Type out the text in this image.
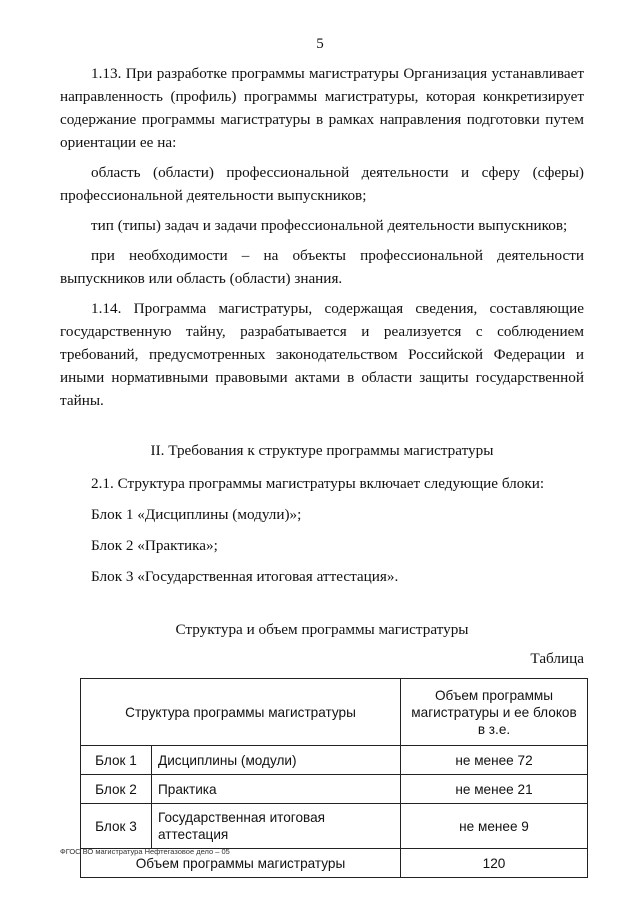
5

1.13. При разработке программы магистратуры Организация устанавливает направленность (профиль) программы магистратуры, которая конкретизирует содержание программы магистратуры в рамках направления подготовки путем ориентации ее на:

область (области) профессиональной деятельности и сферу (сферы) профессиональной деятельности выпускников;

тип (типы) задач и задачи профессиональной деятельности выпускников;

при необходимости – на объекты профессиональной деятельности выпускников или область (области) знания.

1.14. Программа магистратуры, содержащая сведения, составляющие государственную тайну, разрабатывается и реализуется с соблюдением требований, предусмотренных законодательством Российской Федерации и иными нормативными правовыми актами в области защиты государственной тайны.

II. Требования к структуре программы магистратуры

2.1. Структура программы магистратуры включает следующие блоки:

Блок 1 «Дисциплины (модули)»;

Блок 2 «Практика»;

Блок 3 «Государственная итоговая аттестация».

Структура и объем программы магистратуры

Таблица

Структура программы магистратуры		Объем программы магистратуры и ее блоков в з.е.
Блок 1	Дисциплины (модули)	не менее 72
Блок 2	Практика	не менее 21
Блок 3	Государственная итоговая аттестация	не менее 9
Объем программы магистратуры		120
ФГОС ВО магистратура Нефтегазовое дело – 05
